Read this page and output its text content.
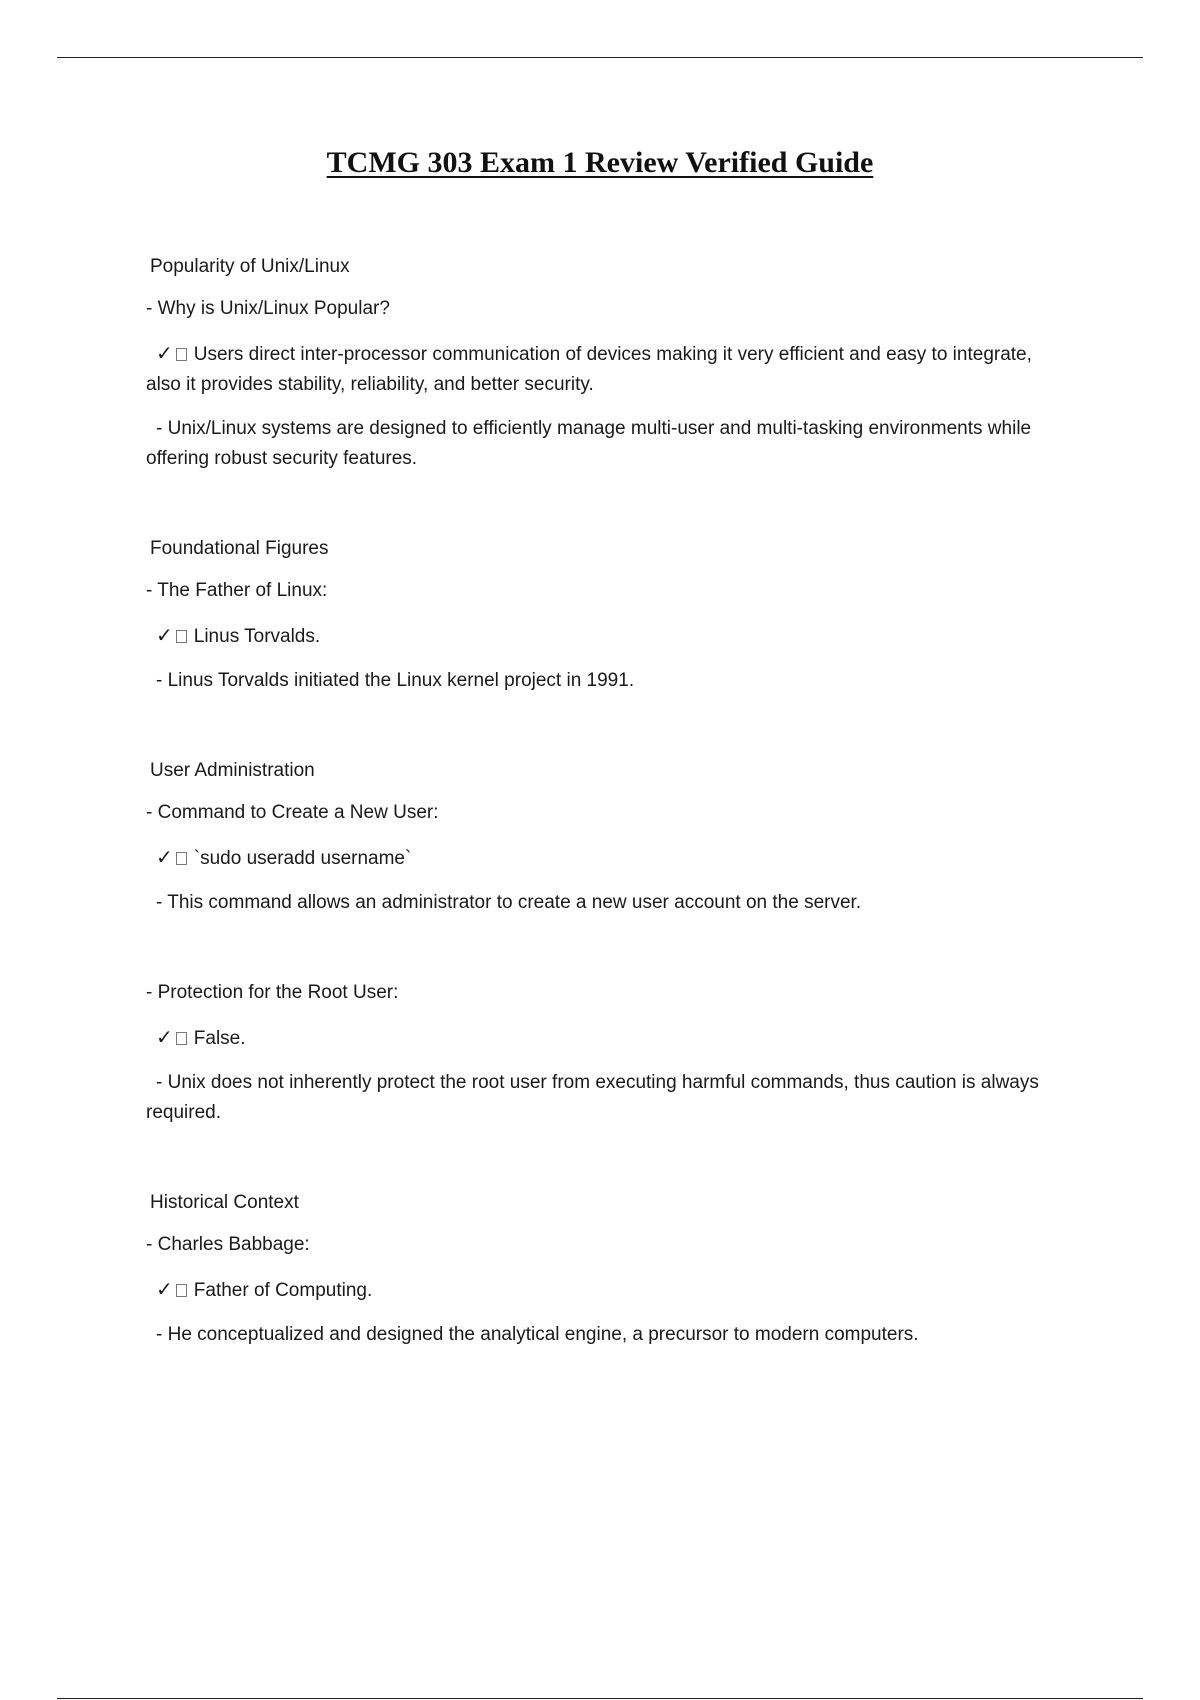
TCMG 303 Exam 1 Review Verified Guide

Popularity of Unix/Linux

- Why is Unix/Linux Popular?

✓ Users direct inter-processor communication of devices making it very efficient and easy to integrate, also it provides stability, reliability, and better security.

- Unix/Linux systems are designed to efficiently manage multi-user and multi-tasking environments while offering robust security features.

Foundational Figures

- The Father of Linux:

✓ Linus Torvalds.

- Linus Torvalds initiated the Linux kernel project in 1991.

User Administration

- Command to Create a New User:

✓ `sudo useradd username`

- This command allows an administrator to create a new user account on the server.

- Protection for the Root User:

✓ False.

- Unix does not inherently protect the root user from executing harmful commands, thus caution is always required.

Historical Context

- Charles Babbage:

✓ Father of Computing.

- He conceptualized and designed the analytical engine, a precursor to modern computers.
